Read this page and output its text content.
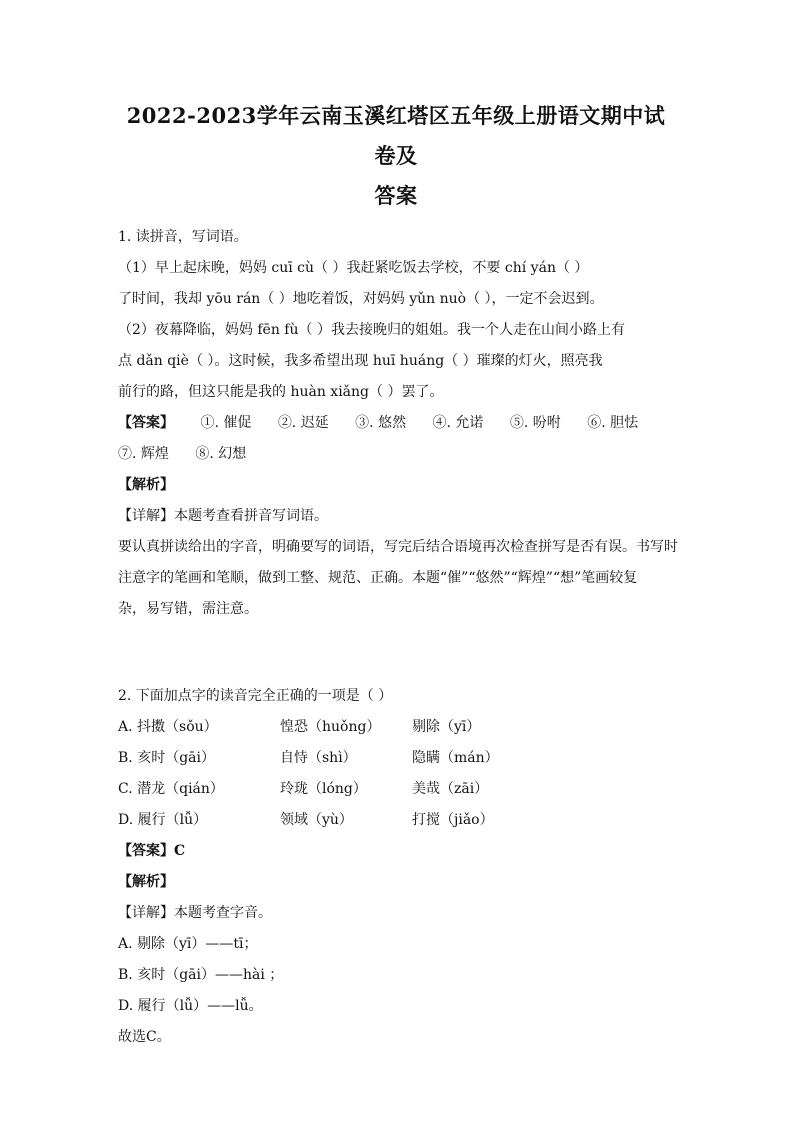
2022-2023学年云南玉溪红塔区五年级上册语文期中试卷及
答案
1. 读拼音，写词语。
（1）早上起床晚，妈妈 cuī cù（ ）我赶紧吃饭去学校，不要 chí yán（ ）
了时间，我却 yōu rán（ ）地吃着饭，对妈妈 yǔn nuò（ ），一定不会迟到。
（2）夜幕降临，妈妈 fēn fù（ ）我去接晚归的姐姐。我一个人走在山间小路上有
点 dǎn qiè（ ）。这时候，我多希望出现 huī huáng（ ）璀璨的灯火，照亮我
前行的路，但这只能是我的 huàn xiǎng（ ）罢了。
【答案】 ①. 催促 ②. 迟延 ③. 悠然 ④. 允诺 ⑤. 吩咐 ⑥. 胆怯
⑦. 辉煌 ⑧. 幻想
【解析】
【详解】本题考查看拼音写词语。
要认真拼读给出的字音，明确要写的词语，写完后结合语境再次检查拼写是否有误。书写时
注意字的笔画和笔顺，做到工整、规范、正确。本题“催”“悠然”“辉煌”“想”笔画较复
杂，易写错，需注意。
2. 下面加点字的读音完全正确的一项是（ ）
A. 抖擞（sǒu）	惶恐（huǒng）	剔除（yī）
B. 亥时（gāi）	自恃（shì）	隐瞒（mán）
C. 潜龙（qián）	玲珑（lóng）	美哉（zāi）
D. 履行（lǚ）	领域（yù）	打搅（jiǎo）
【答案】C
【解析】
【详解】本题考查字音。
A. 剔除（yī）——tī；
B. 亥时（gāi）——hài ；
D. 履行（lǚ）——lǚ。
故选C。
